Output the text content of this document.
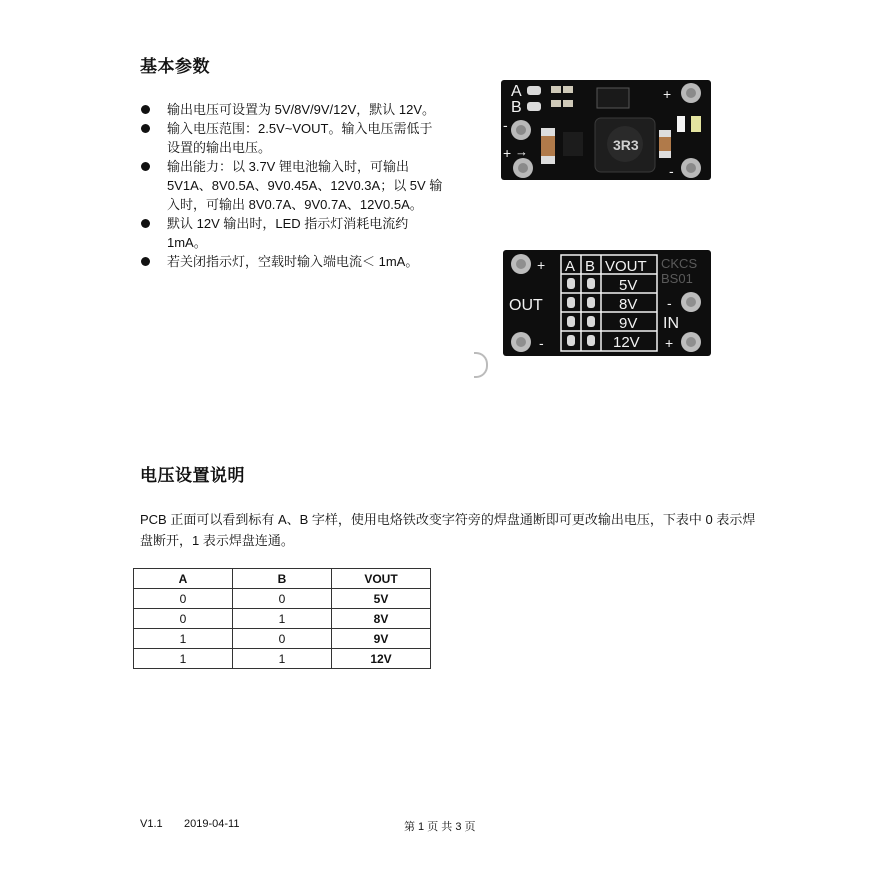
基本参数
输出电压可设置为 5V/8V/9V/12V，默认 12V。
输入电压范围：2.5V~VOUT。输入电压需低于设置的输出电压。
输出能力：以 3.7V 锂电池输入时，可输出 5V1A、8V0.5A、9V0.45A、12V0.3A；以 5V 输入时，可输出 8V0.7A、9V0.7A、12V0.5A。
默认 12V 输出时，LED 指示灯消耗电流约 1mA。
若关闭指示灯，空载时输入端电流＜ 1mA。
A
B
+
-
3R3
-
+ →
+
OUT
-
A B VOUT
5V
8V
9V
12V
CKCS
BS01
-
IN
+
电压设置说明
PCB 正面可以看到标有 A、B 字样，使用电烙铁改变字符旁的焊盘通断即可更改输出电压，下表中 0 表示焊盘断开，1 表示焊盘连通。
A	B	VOUT
0	0	5V
0	1	8V
1	0	9V
1	1	12V
V1.1 2019-04-11	第 1 页 共 3 页
